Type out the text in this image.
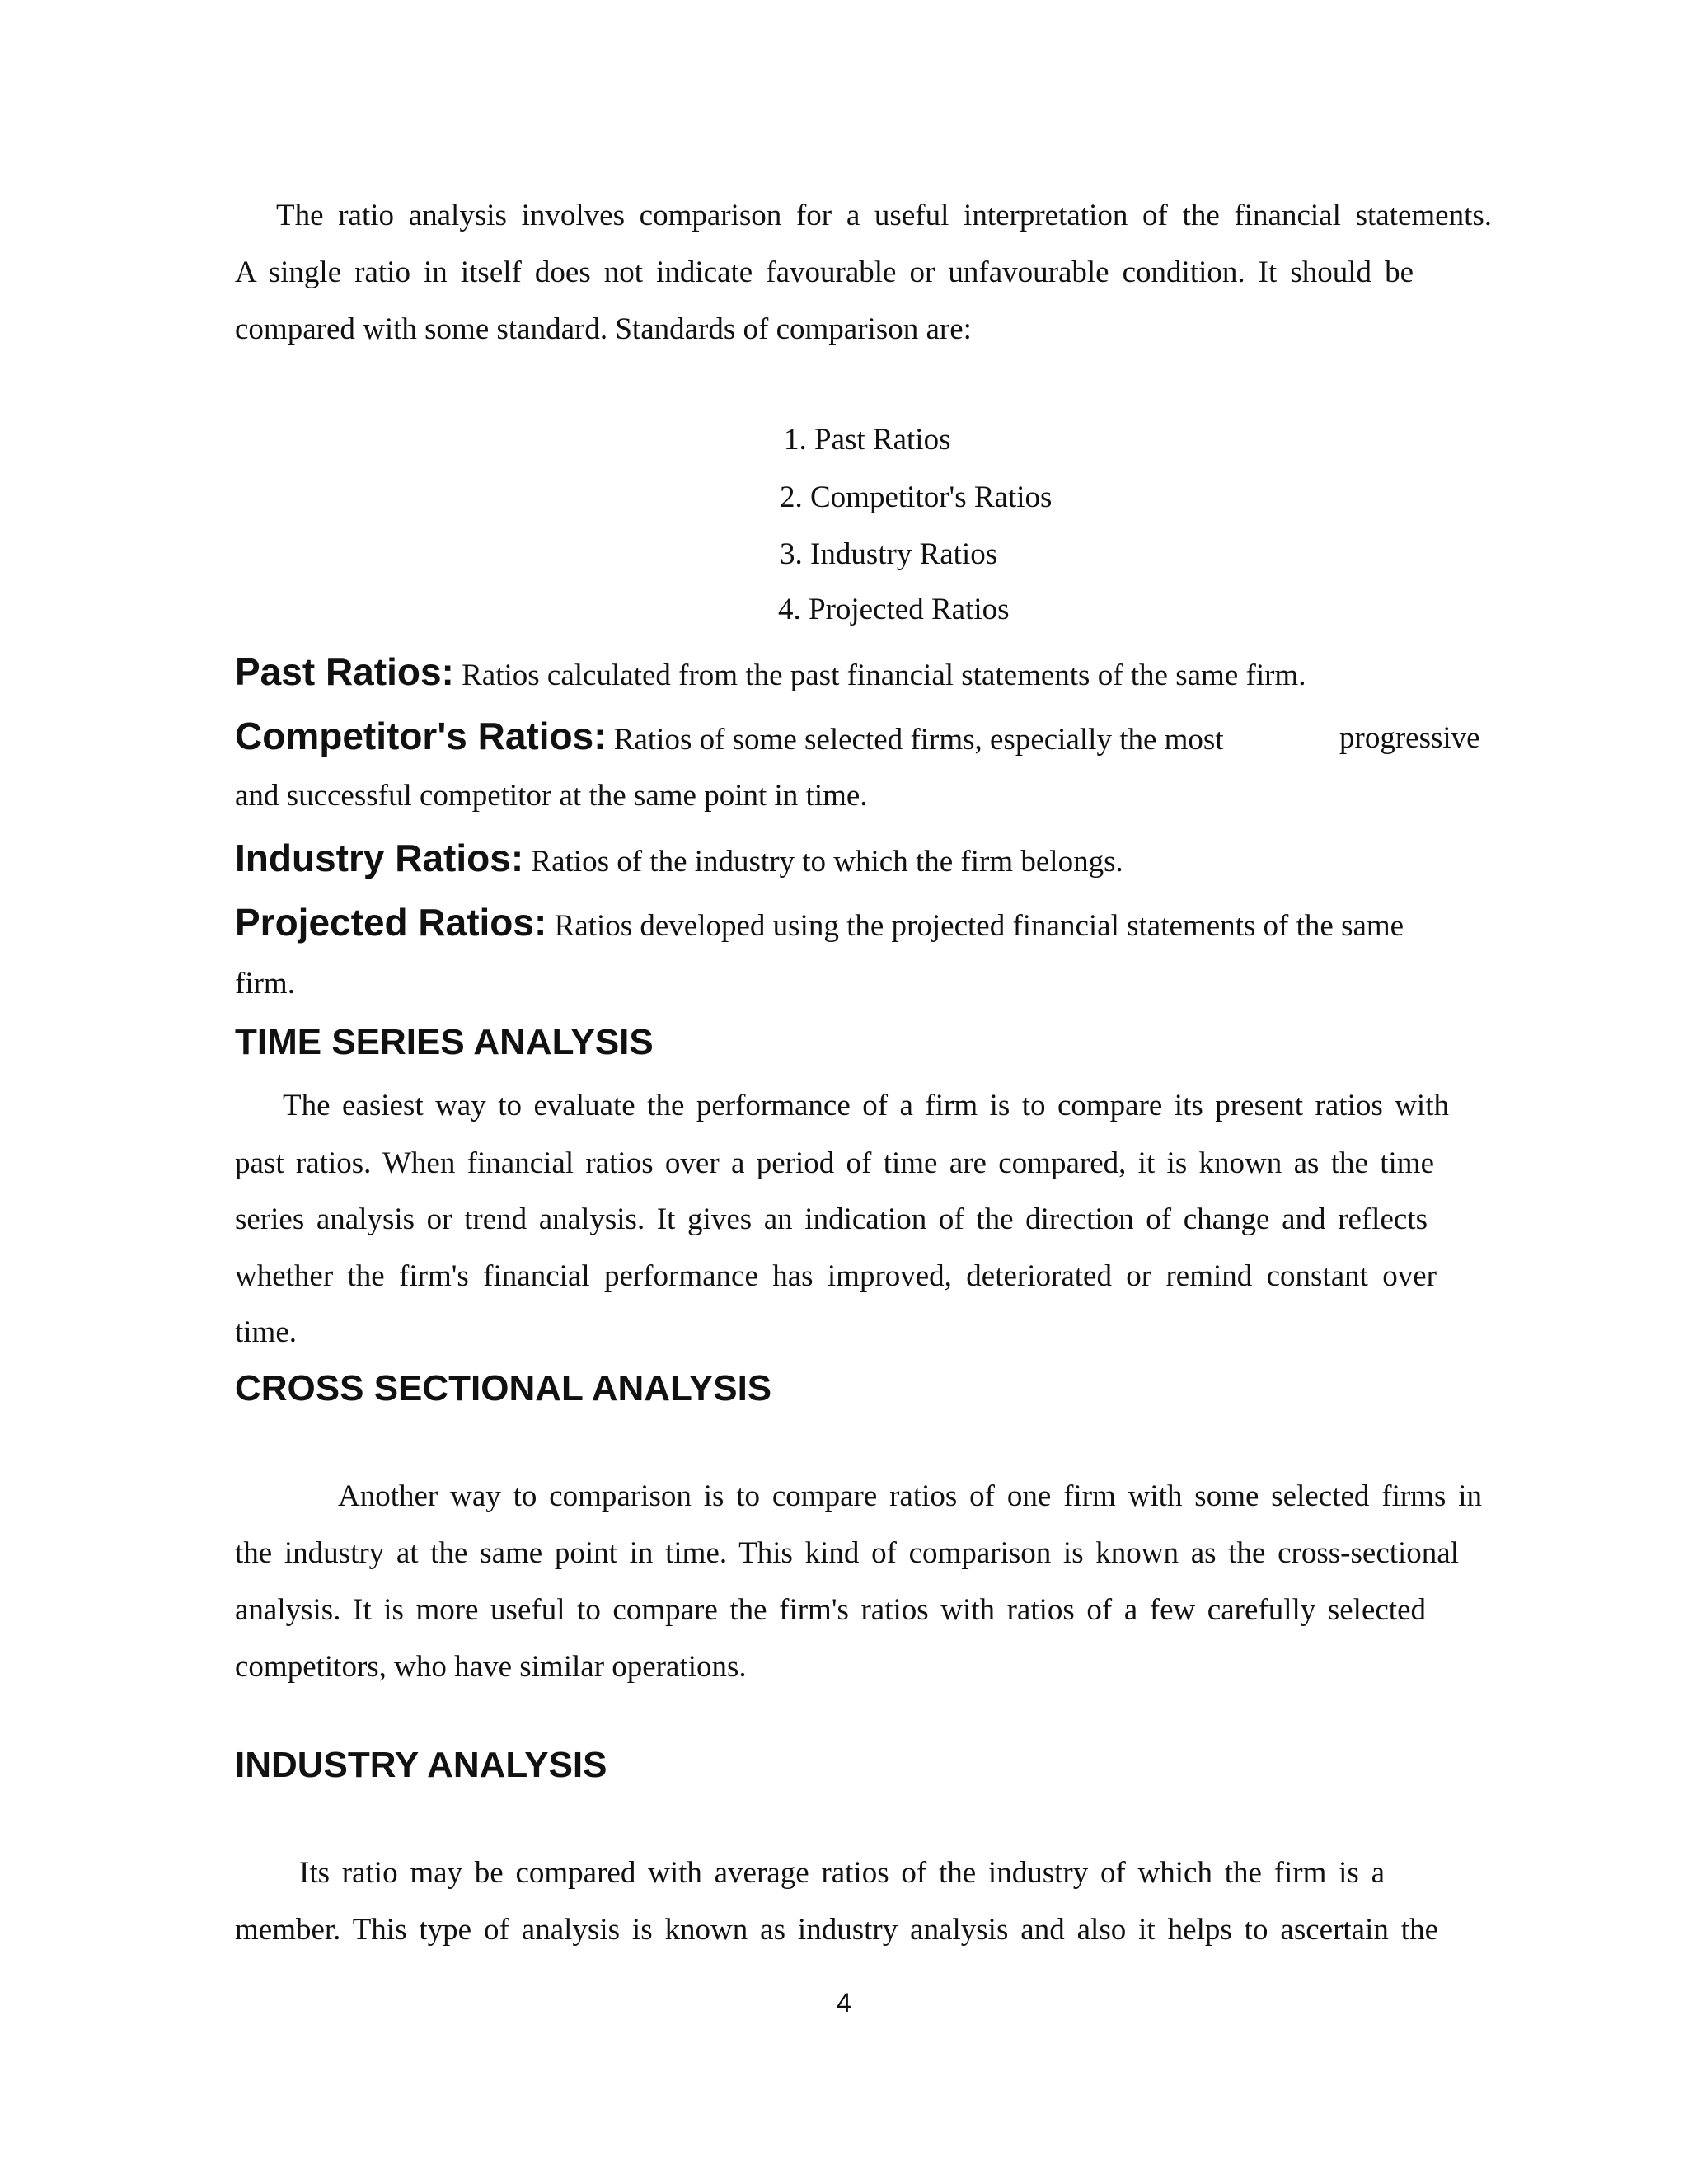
The ratio analysis involves comparison for a useful interpretation of the financial statements.
A single ratio in itself does not indicate favourable or unfavourable condition. It should be
compared with some standard. Standards of comparison are:
1. Past Ratios
2. Competitor's Ratios
3. Industry Ratios
4. Projected Ratios
Past Ratios: Ratios calculated from the past financial statements of the same firm.
Competitor's Ratios: Ratios of some selected firms, especially the most	progressive
and successful competitor at the same point in time.
Industry Ratios: Ratios of the industry to which the firm belongs.
Projected Ratios: Ratios developed using the projected financial statements of the same
firm.
TIME SERIES ANALYSIS
The easiest way to evaluate the performance of a firm is to compare its present ratios with
past ratios. When financial ratios over a period of time are compared, it is known as the time
series analysis or trend analysis. It gives an indication of the direction of change and reflects
whether the firm's financial performance has improved, deteriorated or remind constant over
time.
CROSS SECTIONAL ANALYSIS
Another way to comparison is to compare ratios of one firm with some selected firms in
the industry at the same point in time. This kind of comparison is known as the cross-sectional
analysis. It is more useful to compare the firm's ratios with ratios of a few carefully selected
competitors, who have similar operations.
INDUSTRY ANALYSIS
Its ratio may be compared with average ratios of the industry of which the firm is a
member. This type of analysis is known as industry analysis and also it helps to ascertain the
4
